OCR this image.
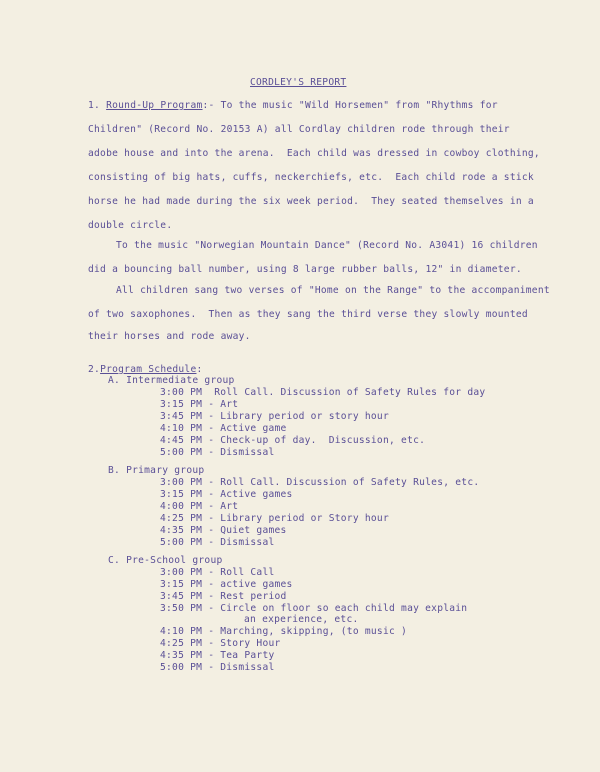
CORDLEY'S REPORT
1. Round-Up Program:- To the music "Wild Horsemen" from "Rhythms for
Children" (Record No. 20153 A) all Cordlay children rode through their
adobe house and into the arena.  Each child was dressed in cowboy clothing,
consisting of big hats, cuffs, neckerchiefs, etc.  Each child rode a stick
horse he had made during the six week period.  They seated themselves in a
double circle.
To the music "Norwegian Mountain Dance" (Record No. A3041) 16 children
did a bouncing ball number, using 8 large rubber balls, 12" in diameter.
All children sang two verses of "Home on the Range" to the accompaniment
of two saxophones.  Then as they sang the third verse they slowly mounted
their horses and rode away.
2.Program Schedule:
A. Intermediate group
3:00 PM  Roll Call. Discussion of Safety Rules for day
3:15 PM - Art
3:45 PM - Library period or story hour
4:10 PM - Active game
4:45 PM - Check-up of day.  Discussion, etc.
5:00 PM - Dismissal
B. Primary group
3:00 PM - Roll Call. Discussion of Safety Rules, etc.
3:15 PM - Active games
4:00 PM - Art
4:25 PM - Library period or Story hour
4:35 PM - Quiet games
5:00 PM - Dismissal
C. Pre-School group
3:00 PM - Roll Call
3:15 PM - active games
3:45 PM - Rest period
3:50 PM - Circle on floor so each child may explain
an experience, etc.
4:10 PM - Marching, skipping, (to music )
4:25 PM - Story Hour
4:35 PM - Tea Party
5:00 PM - Dismissal
